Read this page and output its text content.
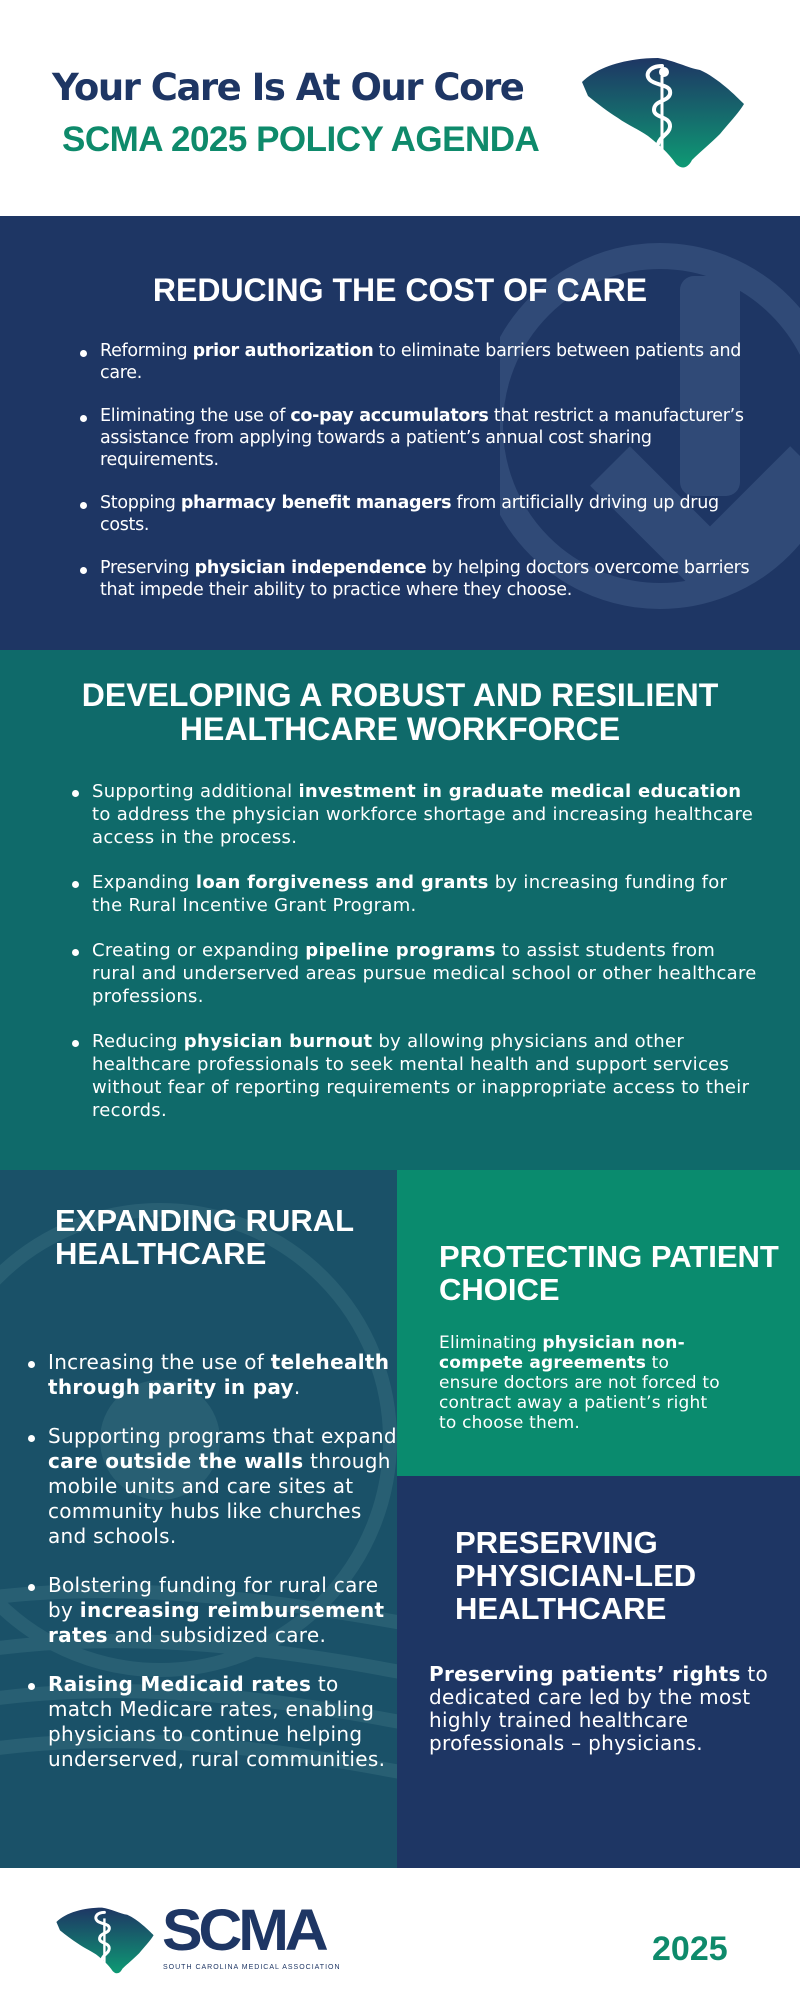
Your Care Is At Our Core
SCMA 2025 POLICY AGENDA
REDUCING THE COST OF CARE
Reforming prior authorization to eliminate barriers between patients and care.
Eliminating the use of co-pay accumulators that restrict a manufacturer’s assistance from applying towards a patient’s annual cost sharing requirements.
Stopping pharmacy benefit managers from artificially driving up drug costs.
Preserving physician independence by helping doctors overcome barriers that impede their ability to practice where they choose.
DEVELOPING A ROBUST AND RESILIENT HEALTHCARE WORKFORCE
Supporting additional investment in graduate medical education to address the physician workforce shortage and increasing healthcare access in the process.
Expanding loan forgiveness and grants by increasing funding for the Rural Incentive Grant Program.
Creating or expanding pipeline programs to assist students from rural and underserved areas pursue medical school or other healthcare professions.
Reducing physician burnout by allowing physicians and other healthcare professionals to seek mental health and support services without fear of reporting requirements or inappropriate access to their records.
EXPANDING RURAL HEALTHCARE
Increasing the use of telehealth through parity in pay.
Supporting programs that expand care outside the walls through mobile units and care sites at community hubs like churches and schools.
Bolstering funding for rural care by increasing reimbursement rates and subsidized care.
Raising Medicaid rates to match Medicare rates, enabling physicians to continue helping underserved, rural communities.
PROTECTING PATIENT CHOICE
Eliminating physician non-compete agreements to ensure doctors are not forced to contract away a patient’s right to choose them.
PRESERVING PHYSICIAN-LED HEALTHCARE
Preserving patients’ rights to dedicated care led by the most highly trained healthcare professionals – physicians.
SCMA
SOUTH CAROLINA MEDICAL ASSOCIATION	2025
